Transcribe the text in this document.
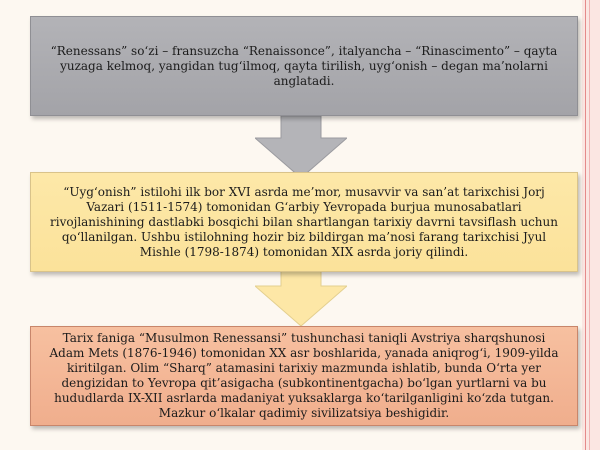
“Renessans” so‘zi – fransuzcha “Renaissonce”, italyancha – “Rinascimento” – qayta yuzaga kelmoq, yangidan tug‘ilmoq, qayta tirilish, uyg‘onish – degan ma’nolarni anglatadi.
“Uyg‘onish” istilohi ilk bor XVI asrda me’mor, musavvir va san’at tarixchisi Jorj Vazari (1511-1574) tomonidan G‘arbiy Yevropada burjua munosabatlari rivojlanishining dastlabki bosqichi bilan shartlangan tarixiy davrni tavsiflash uchun qo‘llanilgan. Ushbu istilohning hozir biz bildirgan ma’nosi farang tarixchisi Jyul Mishle (1798-1874) tomonidan XIX asrda joriy qilindi.
Tarix faniga “Musulmon Renessansi” tushunchasi taniqli Avstriya sharqshunosi Adam Mets (1876-1946) tomonidan XX asr boshlarida, yanada aniqrog‘i, 1909-yilda kiritilgan. Olim “Sharq” atamasini tarixiy mazmunda ishlatib, bunda O‘rta yer dengizidan to Yevropa qit’asigacha (subkontinentgacha) bo‘lgan yurtlarni va bu hududlarda IX-XII asrlarda madaniyat yuksaklarga ko‘tarilganligini ko‘zda tutgan. Mazkur o‘lkalar qadimiy sivilizatsiya beshigidir.
